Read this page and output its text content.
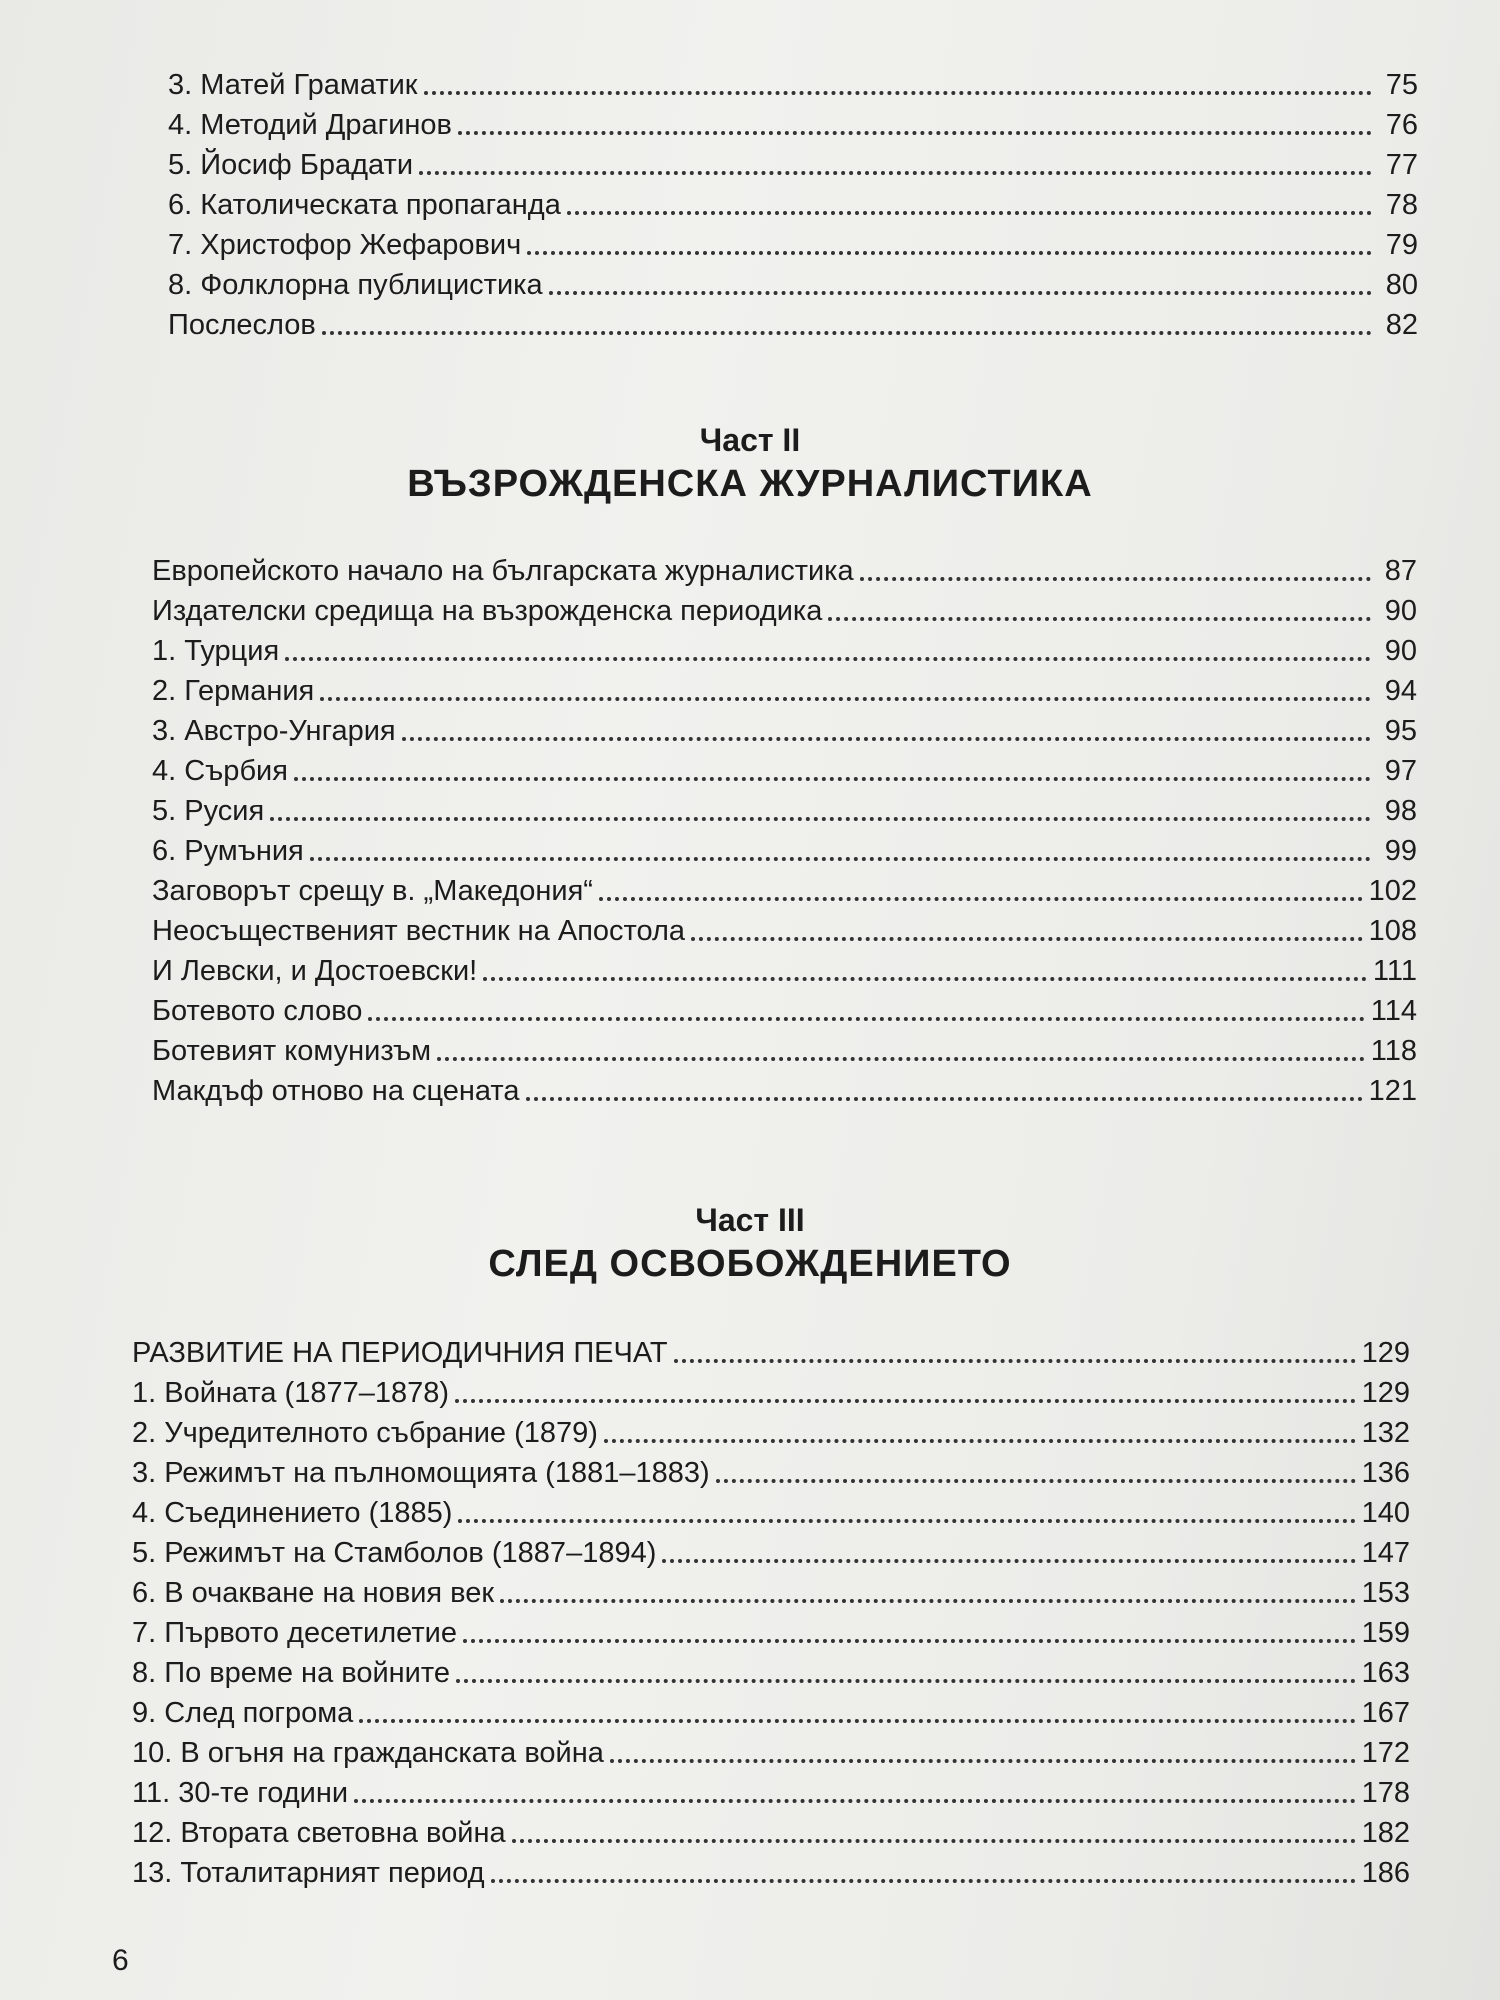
3. Матей Граматик	75
4. Методий Драгинов	76
5. Йосиф Брадати	77
6. Католическата пропаганда	78
7. Христофор Жефарович	79
8. Фолклорна публицистика	80
Послеслов	82
Част II
ВЪЗРОЖДЕНСКА ЖУРНАЛИСТИКА
Европейското начало на българската журналистика	87
Издателски средища на възрожденска периодика	90
1. Турция	90
2. Германия	94
3. Австро-Унгария	95
4. Сърбия	97
5. Русия	98
6. Румъния	99
Заговорът срещу в. „Македония“	102
Неосъщественият вестник на Апостола	108
И Левски, и Достоевски!	111
Ботевото слово	114
Ботевият комунизъм	118
Макдъф отново на сцената	121
Част III
СЛЕД ОСВОБОЖДЕНИЕТО
РАЗВИТИЕ НА ПЕРИОДИЧНИЯ ПЕЧАТ	129
1. Войната (1877–1878)	129
2. Учредителното събрание (1879)	132
3. Режимът на пълномощията (1881–1883)	136
4. Съединението (1885)	140
5. Режимът на Стамболов (1887–1894)	147
6. В очакване на новия век	153
7. Първото десетилетие	159
8. По време на войните	163
9. След погрома	167
10. В огъня на гражданската война	172
11. 30-те години	178
12. Втората световна война	182
13. Тоталитарният период	186
6
